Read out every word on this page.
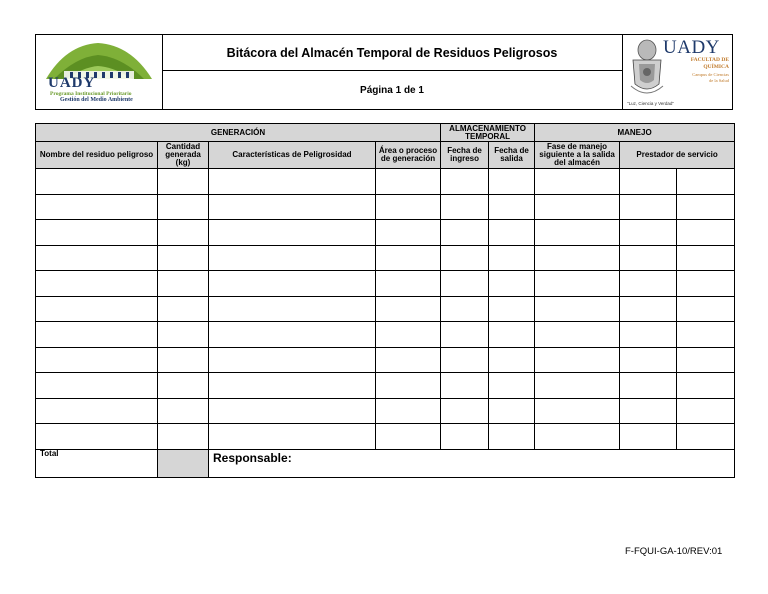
UADY
Programa Institucional Prioritario
Gestión del Medio Ambiente
Bitácora del Almacén Temporal de Residuos Peligrosos
Página 1 de 1
UADY
FACULTAD DE
QUÍMICA
Campus de Ciencias
de la Salud
"Luz, Ciencia y Verdad"
GENERACIÓN				ALMACENAMIENTO TEMPORAL		MANEJO		
Nombre del residuo peligroso	Cantidad generada (kg)	Características de Peligrosidad	Área o proceso de generación	Fecha de ingreso	Fecha de salida	Fase de manejo siguiente a la salida del almacén	Prestador de servicio	

Total		Responsable:						
F-FQUI-GA-10/REV:01
